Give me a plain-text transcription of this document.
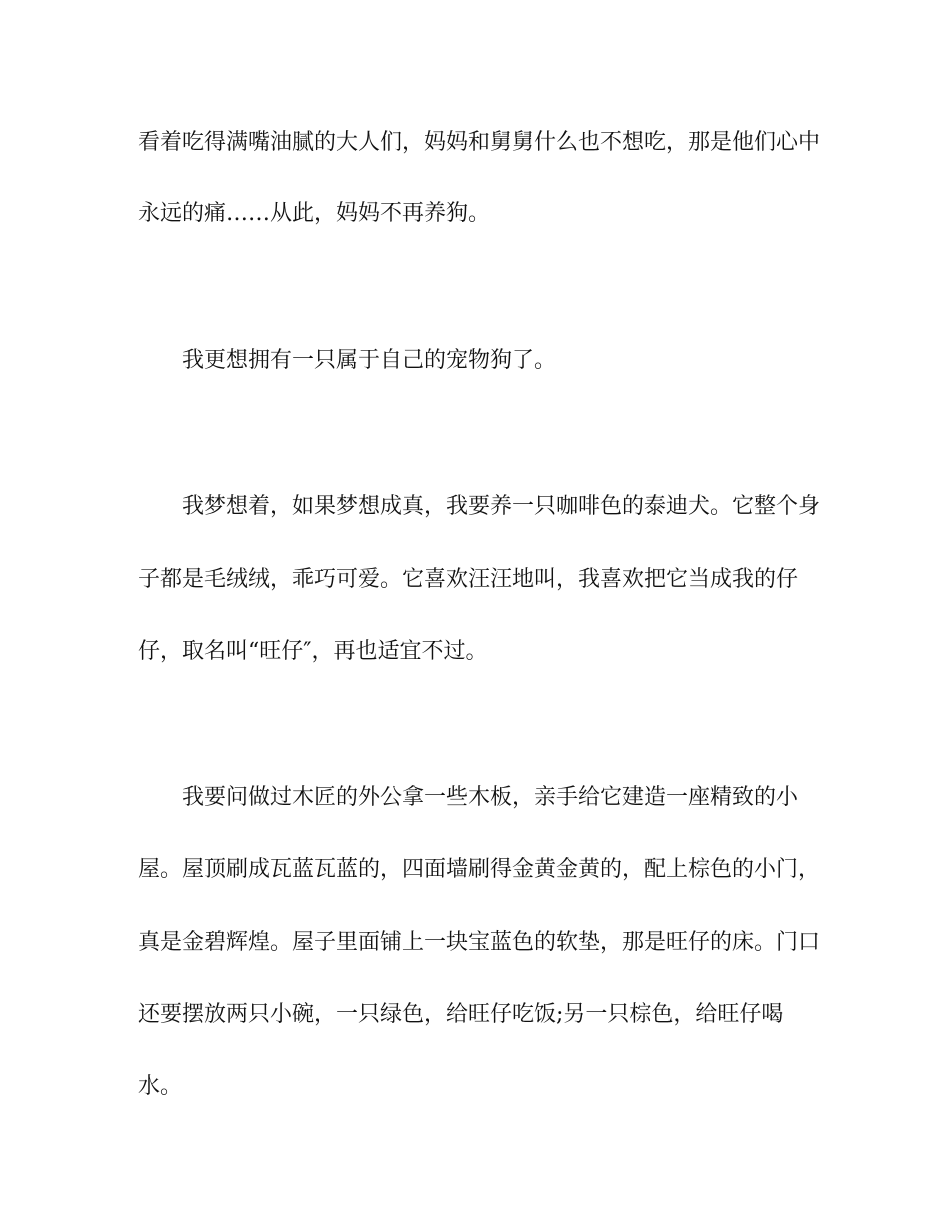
看着吃得满嘴油腻的大人们，妈妈和舅舅什么也不想吃，那是他们心中
永远的痛……从此，妈妈不再养狗。
我更想拥有一只属于自己的宠物狗了。
我梦想着，如果梦想成真，我要养一只咖啡色的泰迪犬。它整个身
子都是毛绒绒，乖巧可爱。它喜欢汪汪地叫，我喜欢把它当成我的仔
仔，取名叫“旺仔″，再也适宜不过。
我要问做过木匠的外公拿一些木板，亲手给它建造一座精致的小
屋。屋顶刷成瓦蓝瓦蓝的，四面墙刷得金黄金黄的，配上棕色的小门，
真是金碧辉煌。屋子里面铺上一块宝蓝色的软垫，那是旺仔的床。门口
还要摆放两只小碗，一只绿色，给旺仔吃饭;另一只棕色，给旺仔喝
水。
